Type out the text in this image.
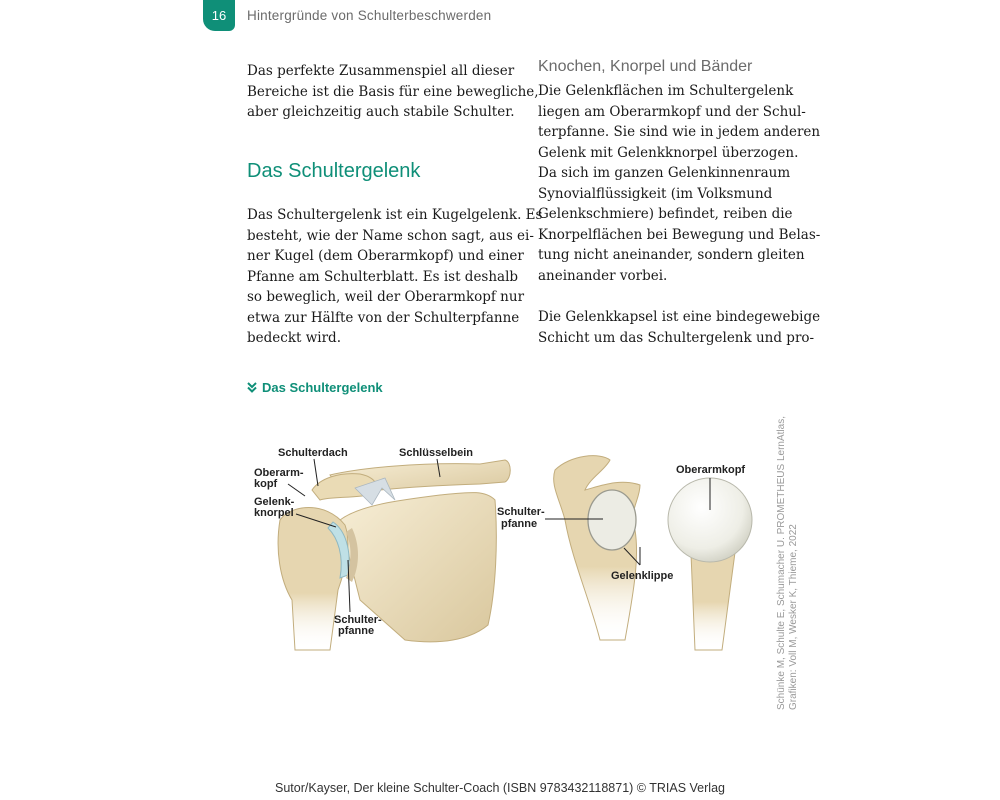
16 Hintergründe von Schulterbeschwerden
Das perfekte Zusammenspiel all dieser
Bereiche ist die Basis für eine bewegliche,
aber gleichzeitig auch stabile Schulter.
Das Schultergelenk
Das Schultergelenk ist ein Kugelgelenk. Es
besteht, wie der Name schon sagt, aus ei-
ner Kugel (dem Oberarmkopf) und einer
Pfanne am Schulterblatt. Es ist deshalb
so beweglich, weil der Oberarmkopf nur
etwa zur Hälfte von der Schulterpfanne
bedeckt wird.
Knochen, Knorpel und Bänder
Die Gelenkflächen im Schultergelenk
liegen am Oberarmkopf und der Schul-
terpfanne. Sie sind wie in jedem anderen
Gelenk mit Gelenkknorpel überzogen.
Da sich im ganzen Gelenkinnenraum
Synovialflüssigkeit (im Volksmund
Gelenkschmiere) befindet, reiben die
Knorpelflächen bei Bewegung und Belas-
tung nicht aneinander, sondern gleiten
aneinander vorbei.
Die Gelenkkapsel ist eine bindegewebige
Schicht um das Schultergelenk und pro-
Das Schultergelenk
Schulterdach	Schlüsselbein
Oberarm-
kopf
Gelenk-
knorpel
Schulter-
pfanne
Schulter-
pfanne
Gelenklippe
Oberarmkopf	Schünke M, Schulte E, Schumacher U. PROMETHEUS LernAtlas, Grafiken: Voll M, Wesker K, Thieme, 2022
Sutor/Kayser, Der kleine Schulter-Coach (ISBN 9783432118871) © TRIAS Verlag
